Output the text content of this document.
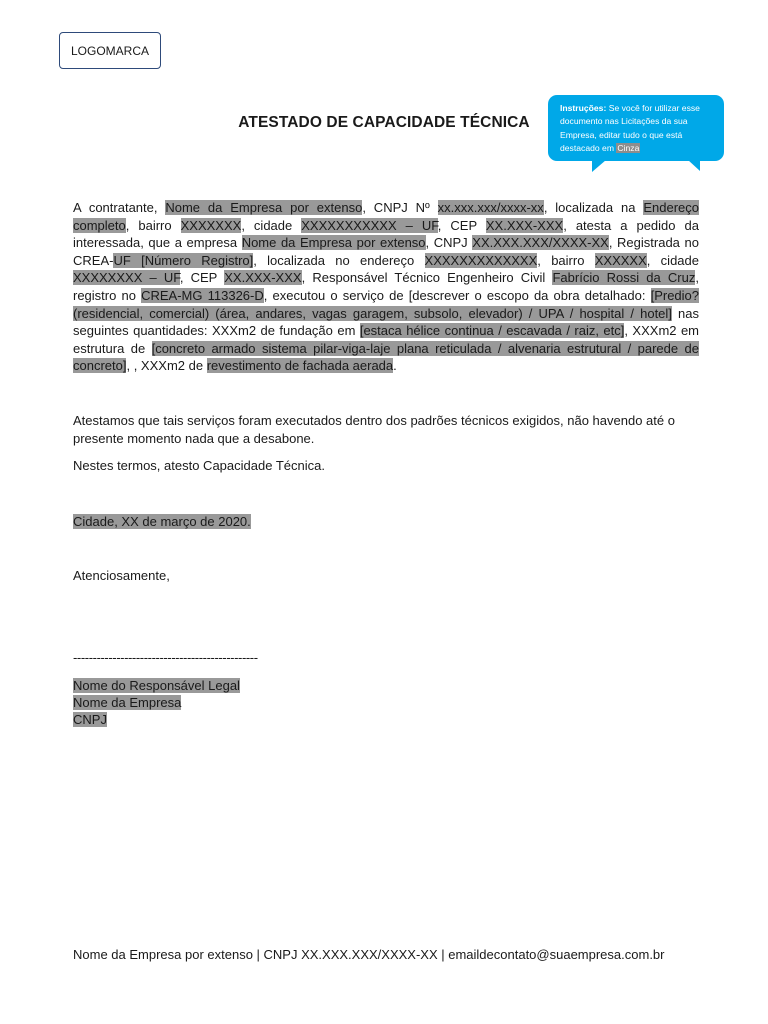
LOGOMARCA
ATESTADO DE CAPACIDADE TÉCNICA
Instruções: Se você for utilizar esse documento nas Licitações da sua Empresa, editar tudo o que está destacado em Cinza
A contratante, Nome da Empresa por extenso, CNPJ Nº xx.xxx.xxx/xxxx-xx, localizada na Endereço completo, bairro XXXXXXX, cidade XXXXXXXXXXX – UF, CEP XX.XXX-XXX, atesta a pedido da interessada, que a empresa Nome da Empresa por extenso, CNPJ XX.XXX.XXX/XXXX-XX, Registrada no CREA-UF [Número Registro], localizada no endereço XXXXXXXXXXXXX, bairro XXXXXX, cidade XXXXXXXX – UF, CEP XX.XXX-XXX, Responsável Técnico Engenheiro Civil Fabrício Rossi da Cruz, registro no CREA-MG 113326-D, executou o serviço de [descrever o escopo da obra detalhado: [Predio? (residencial, comercial) (área, andares, vagas garagem, subsolo, elevador) / UPA / hospital / hotel] nas seguintes quantidades: XXXm2 de fundação em [estaca hélice continua / escavada / raiz, etc], XXXm2 em estrutura de [concreto armado sistema pilar-viga-laje plana reticulada / alvenaria estrutural / parede de concreto], , XXXm2 de revestimento de fachada aerada.
Atestamos que tais serviços foram executados dentro dos padrões técnicos exigidos, não havendo até o presente momento nada que a desabone.
Nestes termos, atesto Capacidade Técnica.
Cidade, XX de março de 2020.
Atenciosamente,
-----------------------------------------------
Nome do Responsável Legal
Nome da Empresa
CNPJ
Nome da Empresa por extenso | CNPJ XX.XXX.XXX/XXXX-XX | emaildecontato@suaempresa.com.br
